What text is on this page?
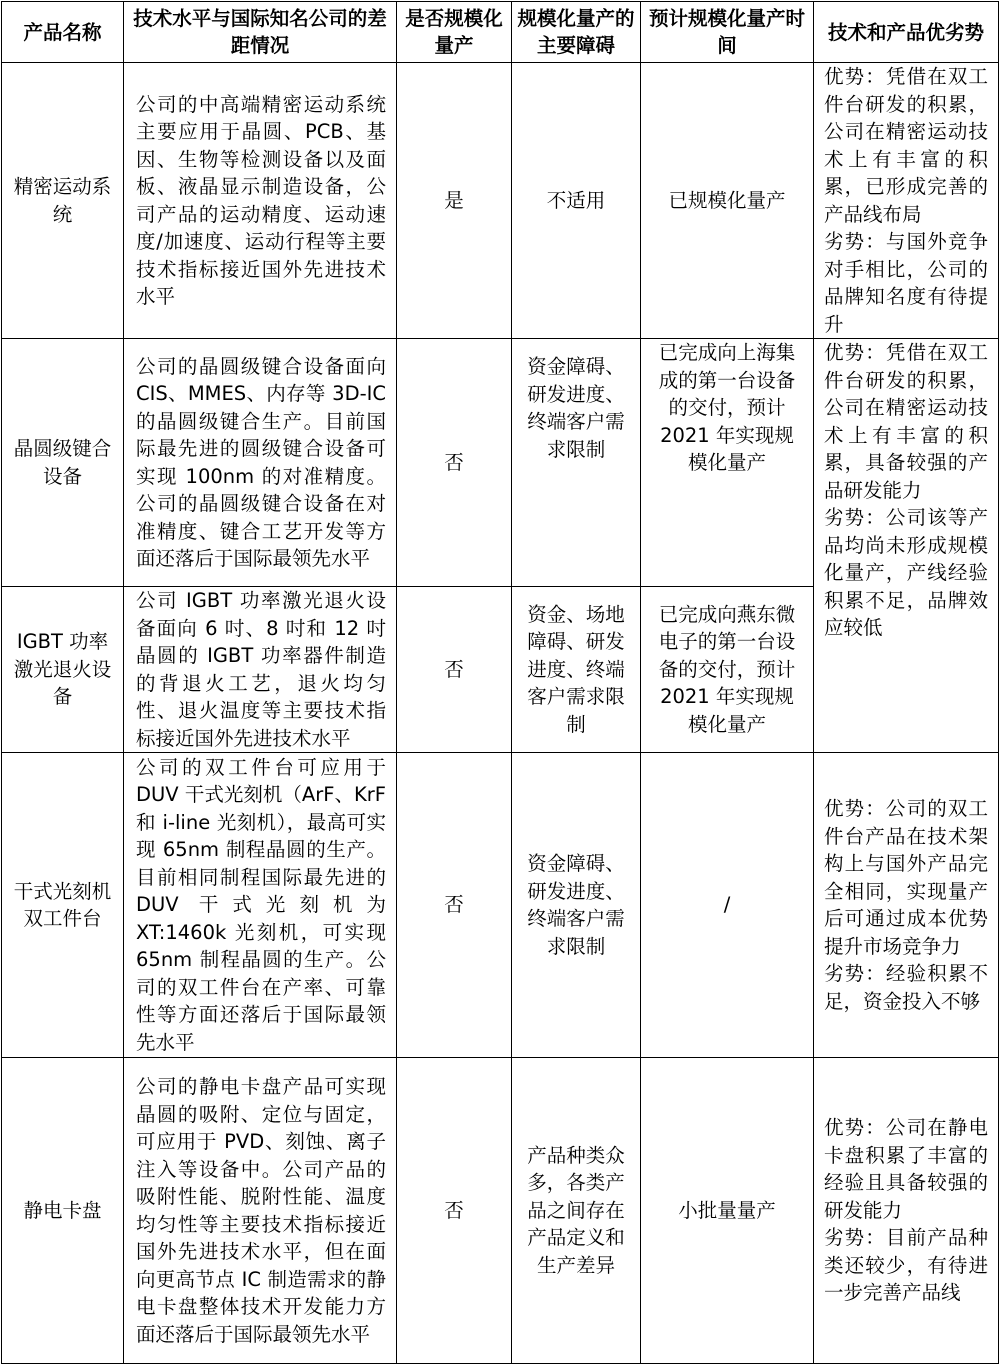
产品名称	技术水平与国际知名公司的差距情况	是否规模化量产	规模化量产的主要障碍	预计规模化量产时间	技术和产品优劣势
精密运动系统	公司的中高端精密运动系统主要应用于晶圆、PCB、基因、生物等检测设备以及面板、液晶显示制造设备，公司产品的运动精度、运动速度/加速度、运动行程等主要技术指标接近国外先进技术水平	是	不适用	已规模化量产	优势：凭借在双工件台研发的积累，公司在精密运动技术上有丰富的积累，已形成完善的产品线布局
劣势：与国外竞争对手相比，公司的品牌知名度有待提升

晶圆级键合设备	公司的晶圆级键合设备面向 CIS、MMES、内存等 3D-IC 的晶圆级键合生产。目前国际最先进的圆级键合设备可实现 100nm 的对准精度。公司的晶圆级键合设备在对准精度、键合工艺开发等方面还落后于国际最领先水平	否	资金障碍、研发进度、终端客户需求限制	已完成向上海集成的第一台设备的交付，预计 2021 年实现规模化量产	优势：凭借在双工件台研发的积累，公司在精密运动技术上有丰富的积累，具备较强的产品研发能力
劣势：公司该等产品均尚未形成规模化量产，产线经验积累不足，品牌效应较低

IGBT 功率激光退火设备	公司 IGBT 功率激光退火设备面向 6 吋、8 吋和 12 吋晶圆的 IGBT 功率器件制造的背退火工艺，退火均匀性、退火温度等主要技术指标接近国外先进技术水平	否	资金、场地障碍、研发进度、终端客户需求限制	已完成向燕东微电子的第一台设备的交付，预计 2021 年实现规模化量产	
干式光刻机双工件台	公司的双工件台可应用于 DUV 干式光刻机（ArF、KrF 和 i-line 光刻机），最高可实现 65nm 制程晶圆的生产。目前相同制程国际最先进的 DUV 干式光刻机为 XT:1460k 光刻机，可实现 65nm 制程晶圆的生产。公司的双工件台在产率、可靠性等方面还落后于国际最领先水平	否	资金障碍、研发进度、终端客户需求限制	/	优势：公司的双工件台产品在技术架构上与国外产品完全相同，实现量产后可通过成本优势提升市场竞争力
劣势：经验积累不足，资金投入不够

静电卡盘	公司的静电卡盘产品可实现晶圆的吸附、定位与固定，可应用于 PVD、刻蚀、离子注入等设备中。公司产品的吸附性能、脱附性能、温度均匀性等主要技术指标接近国外先进技术水平，但在面向更高节点 IC 制造需求的静电卡盘整体技术开发能力方面还落后于国际最领先水平	否	产品种类众多，各类产品之间存在产品定义和生产差异	小批量量产	优势：公司在静电卡盘积累了丰富的经验且具备较强的研发能力
劣势：目前产品种类还较少，有待进一步完善产品线
